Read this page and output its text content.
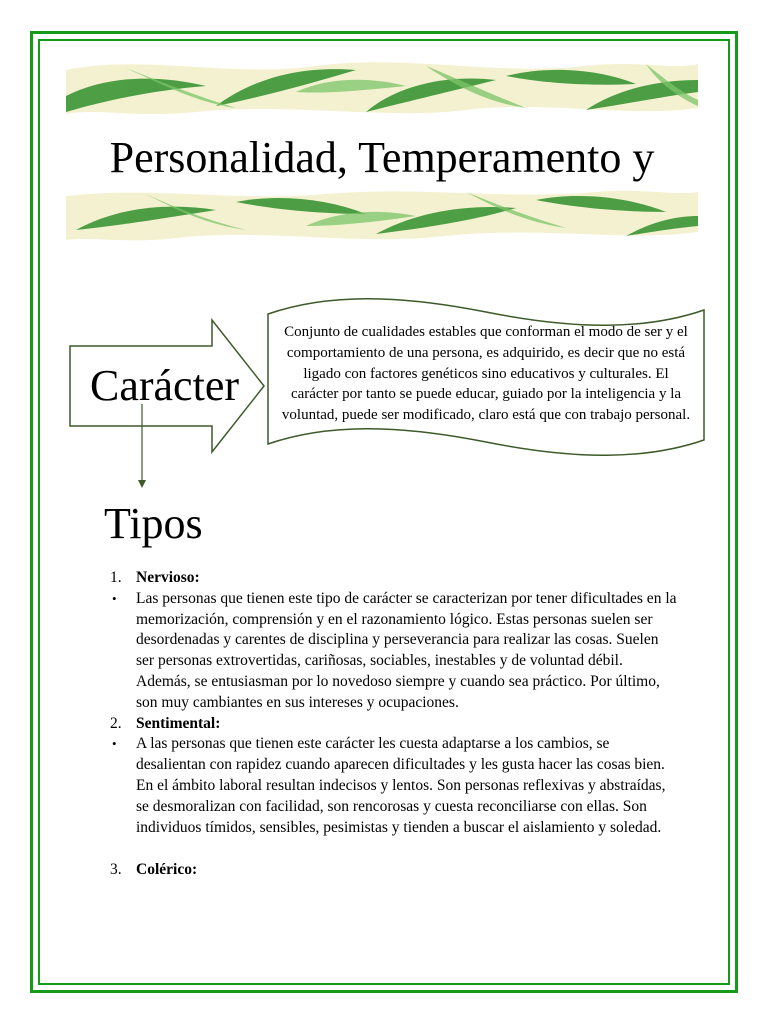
Personalidad, Temperamento y
Carácter
Conjunto de cualidades estables que conforman el modo de ser y el comportamiento de una persona, es adquirido, es decir que no está ligado con factores genéticos sino educativos y culturales. El carácter por tanto se puede educar, guiado por la inteligencia y la voluntad, puede ser modificado, claro está que con trabajo personal.
Tipos
1. Nervioso:
• Las personas que tienen este tipo de carácter se caracterizan por tener dificultades en la memorización, comprensión y en el razonamiento lógico. Estas personas suelen ser desordenadas y carentes de disciplina y perseverancia para realizar las cosas. Suelen ser personas extrovertidas, cariñosas, sociables, inestables y de voluntad débil. Además, se entusiasman por lo novedoso siempre y cuando sea práctico. Por último, son muy cambiantes en sus intereses y ocupaciones.
2. Sentimental:
• A las personas que tienen este carácter les cuesta adaptarse a los cambios, se desalientan con rapidez cuando aparecen dificultades y les gusta hacer las cosas bien. En el ámbito laboral resultan indecisos y lentos. Son personas reflexivas y abstraídas, se desmoralizan con facilidad, son rencorosas y cuesta reconciliarse con ellas. Son individuos tímidos, sensibles, pesimistas y tienden a buscar el aislamiento y soledad.
3. Colérico:
